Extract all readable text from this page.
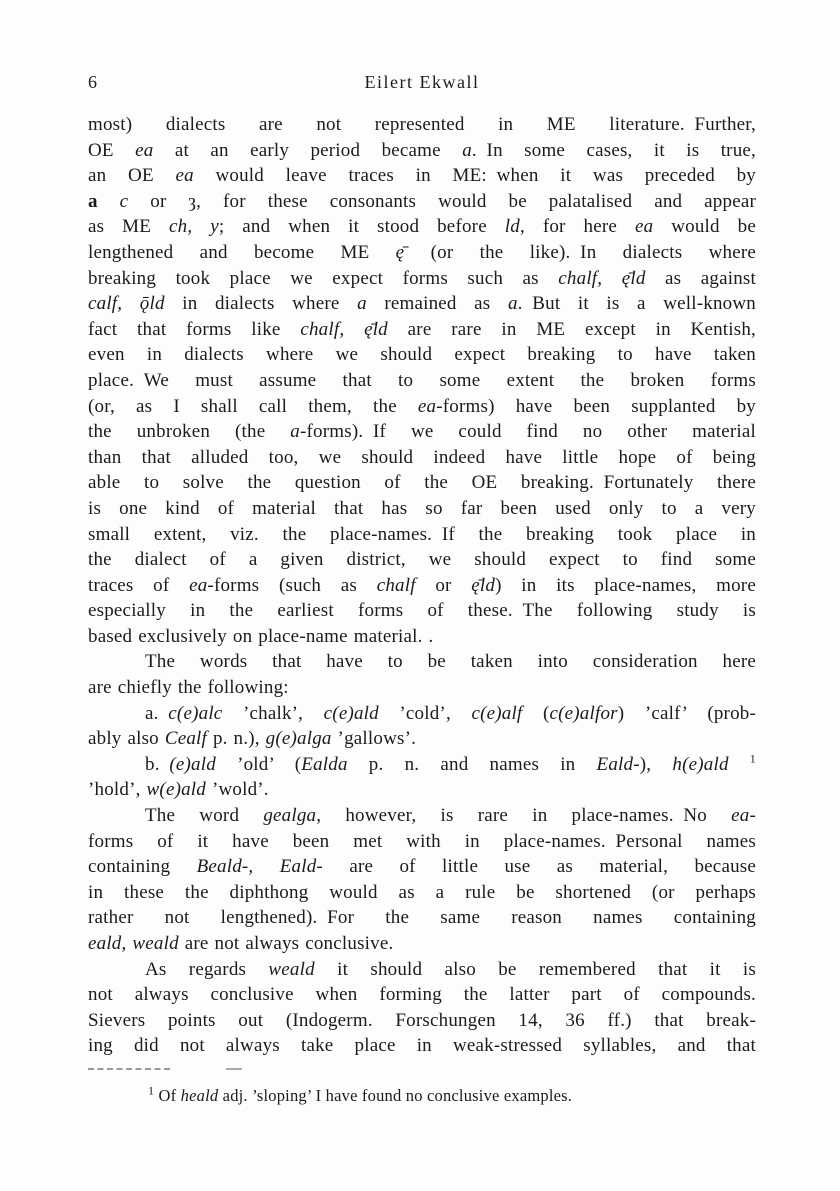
6	Eilert Ekwall
most) dialects are not represented in ME literature. Further,
OE ea at an early period became a. In some cases, it is true,
an OE ea would leave traces in ME: when it was preceded by
a c or ȝ, for these consonants would be palatalised and appear
as ME ch, y; and when it stood before ld, for here ea would be
lengthened and become ME ę̄ (or the like). In dialects where
breaking took place we expect forms such as chalf, ę̄ld as against
calf, ǭld in dialects where a remained as a. But it is a well-known
fact that forms like chalf, ę̄ld are rare in ME except in Kentish,
even in dialects where we should expect breaking to have taken
place. We must assume that to some extent the broken forms
(or, as I shall call them, the ea-forms) have been supplanted by
the unbroken (the a-forms). If we could find no other material
than that alluded too, we should indeed have little hope of being
able to solve the question of the OE breaking. Fortunately there
is one kind of material that has so far been used only to a very
small extent, viz. the place-names. If the breaking took place in
the dialect of a given district, we should expect to find some
traces of ea-forms (such as chalf or ę̄ld) in its place-names, more
especially in the earliest forms of these. The following study is
based exclusively on place-name material. .
The words that have to be taken into consideration here
are chiefly the following:
a. c(e)alc ’chalk’, c(e)ald ’cold’, c(e)alf (c(e)alfor) ’calf’ (prob-
ably also Cealf p. n.), g(e)alga ’gallows’.
b. (e)ald ’old’ (Ealda p. n. and names in Eald-), h(e)ald $^1$
’hold’, w(e)ald ’wold’.
The word gealga, however, is rare in place-names. No ea-
forms of it have been met with in place-names. Personal names
containing Beald-, Eald- are of little use as material, because
in these the diphthong would as a rule be shortened (or perhaps
rather not lengthened). For the same reason names containing
eald, weald are not always conclusive.
As regards weald it should also be remembered that it is
not always conclusive when forming the latter part of compounds.
Sievers points out (Indogerm. Forschungen 14, 36 ff.) that break-
ing did not always take place in weak-stressed syllables, and that
$^1$ Of heald adj. ’sloping’ I have found no conclusive examples.
